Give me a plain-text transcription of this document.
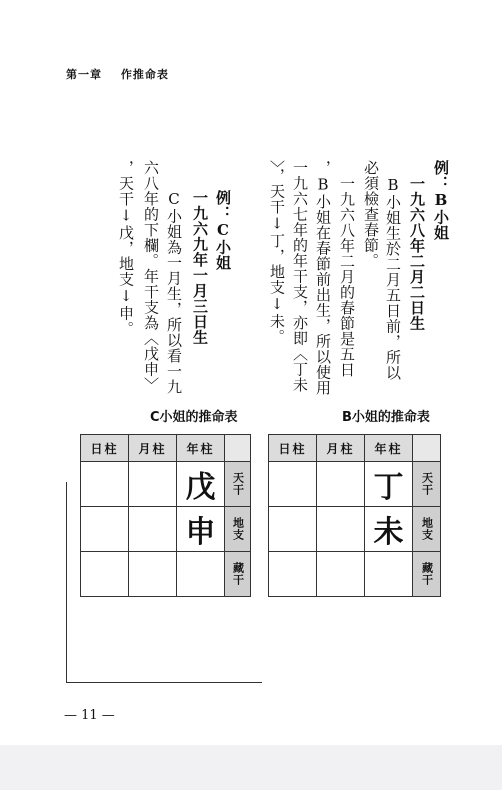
第一章 作推命表
例：B小姐
一九六八年二月二日生
B小姐生於二月五日前，所以
必須檢查春節。
一九六八年二月的春節是五日
，B小姐在春節前出生，所以使用
一九六七年的年干支，亦即〈丁未
〉，天干↓丁，地支↓未。
例：C小姐
一九六九年一月三日生
C小姐為一月生，所以看一九
六八年的下欄。年干支為〈戊申〉
，天干↓戊，地支↓申。
C小姐的推命表
日柱	月柱	年柱	
		戊	天干
		申	地支
			藏干
B小姐的推命表
日柱	月柱	年柱	
		丁	天干
		未	地支
			藏干
— 11 —
